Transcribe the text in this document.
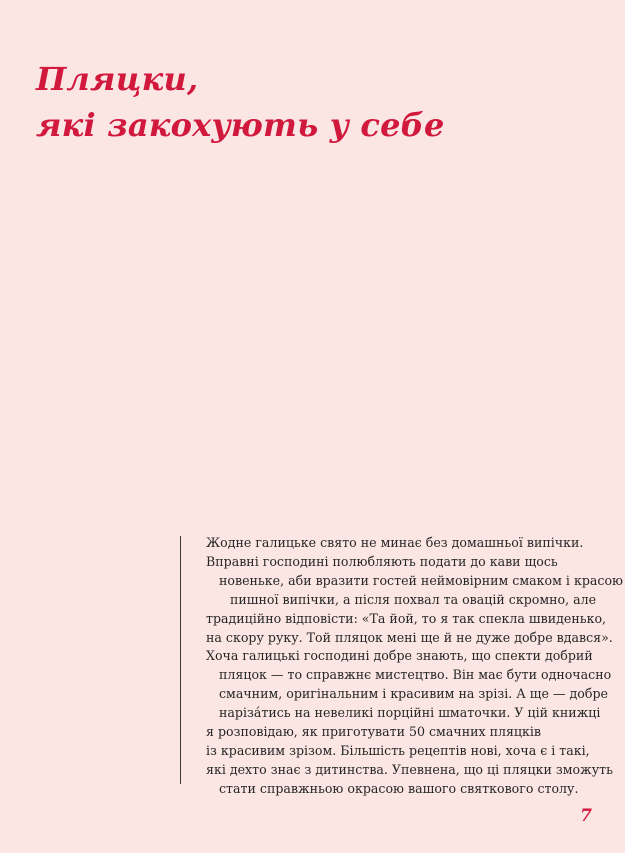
Пляцки,
які закохують у себе

Жодне галицьке свято не минає без домашньої випічки.
Вправні господині полюбляють подати до кави щось
новеньке, аби вразити гостей неймовірним смаком і красою
пишної випічки, а після похвал та овацій скромно, але
традиційно відповісти: «Та йой, то я так спекла швиденько,
на скору руку. Той пляцок мені ще й не дуже добре вдався».
Хоча галицькі господині добре знають, що спекти добрий
пляцок — то справжнє мистецтво. Він має бути одночасно
смачним, оригінальним і красивим на зрізі. А ще — добре
наріза́тись на невеликі порційні шматочки. У цій книжці
я розповідаю, як приготувати 50 смачних пляцків
із красивим зрізом. Більшість рецептів нові, хоча є і такі,
які дехто знає з дитинства. Упевнена, що ці пляцки зможуть
стати справжньою окрасою вашого святкового столу.

7
